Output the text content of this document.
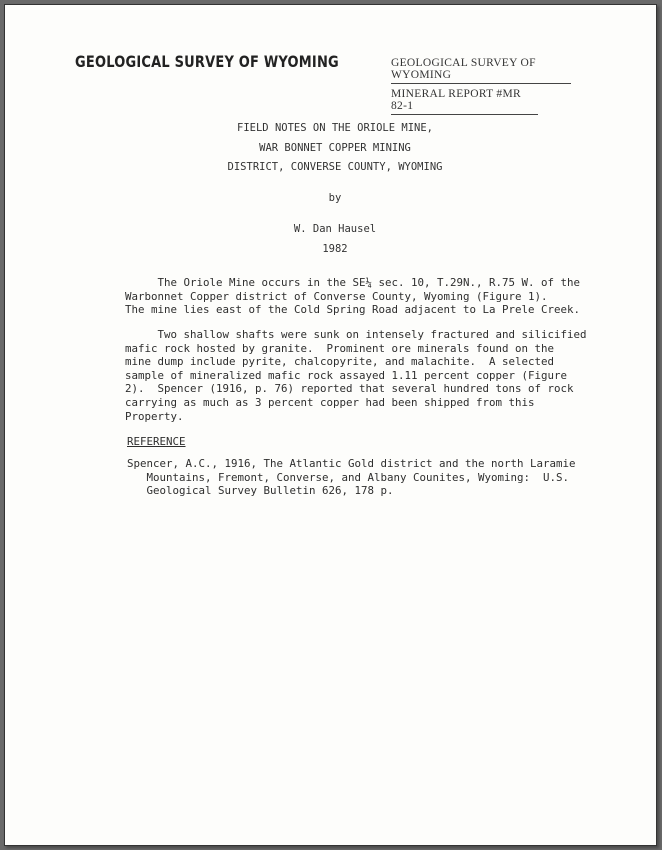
GEOLOGICAL SURVEY OF WYOMING	GEOLOGICAL SURVEY OF WYOMING
MINERAL REPORT #MR 82-1
FIELD NOTES ON THE ORIOLE MINE,
WAR BONNET COPPER MINING
DISTRICT, CONVERSE COUNTY, WYOMING
by
W. Dan Hausel
1982
The Oriole Mine occurs in the SE¼ sec. 10, T.29N., R.75 W. of the
Warbonnet Copper district of Converse County, Wyoming (Figure 1).
The mine lies east of the Cold Spring Road adjacent to La Prele Creek.
Two shallow shafts were sunk on intensely fractured and silicified
mafic rock hosted by granite.  Prominent ore minerals found on the
mine dump include pyrite, chalcopyrite, and malachite.  A selected
sample of mineralized mafic rock assayed 1.11 percent copper (Figure
2).  Spencer (1916, p. 76) reported that several hundred tons of rock
carrying as much as 3 percent copper had been shipped from this
Property.
REFERENCE
Spencer, A.C., 1916, The Atlantic Gold district and the north Laramie
Mountains, Fremont, Converse, and Albany Counites, Wyoming:  U.S.
Geological Survey Bulletin 626, 178 p.
